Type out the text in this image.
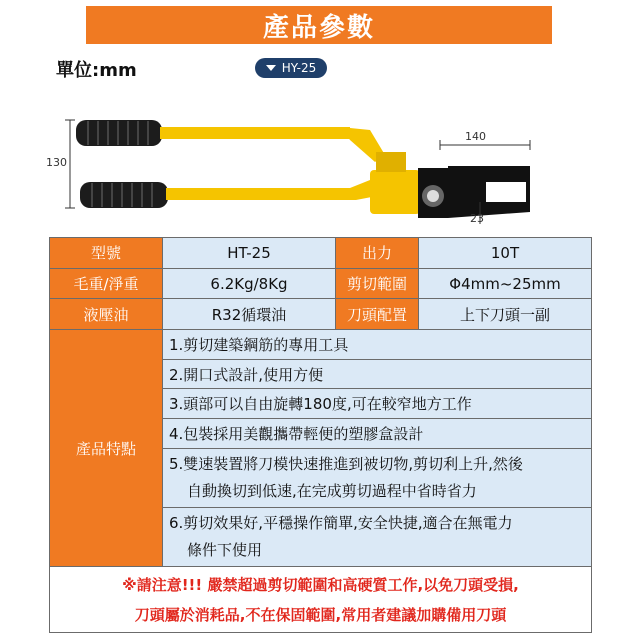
產品參數
單位:mm	HY-25
130
140
23
型號	HT-25	出力	10T
毛重/淨重	6.2Kg/8Kg	剪切範圍	Φ4mm~25mm
液壓油	R32循環油	刀頭配置	上下刀頭一副
產品特點	1.剪切建築鋼筋的專用工具		
	2.開口式設計,使用方便		
	3.頭部可以自由旋轉180度,可在較窄地方工作		
	4.包裝採用美觀攜帶輕便的塑膠盒設計		

	5.雙速裝置將刀模快速推進到被切物,剪切利上升,然後
自動換切到低速,在完成剪切過程中省時省力		

	6.剪切效果好,平穩操作簡單,安全快捷,適合在無電力
條件下使用		

※請注意!!! 嚴禁超過剪切範圍和高硬質工作,以免刀頭受損,
刀頭屬於消耗品,不在保固範圍,常用者建議加購備用刀頭			
